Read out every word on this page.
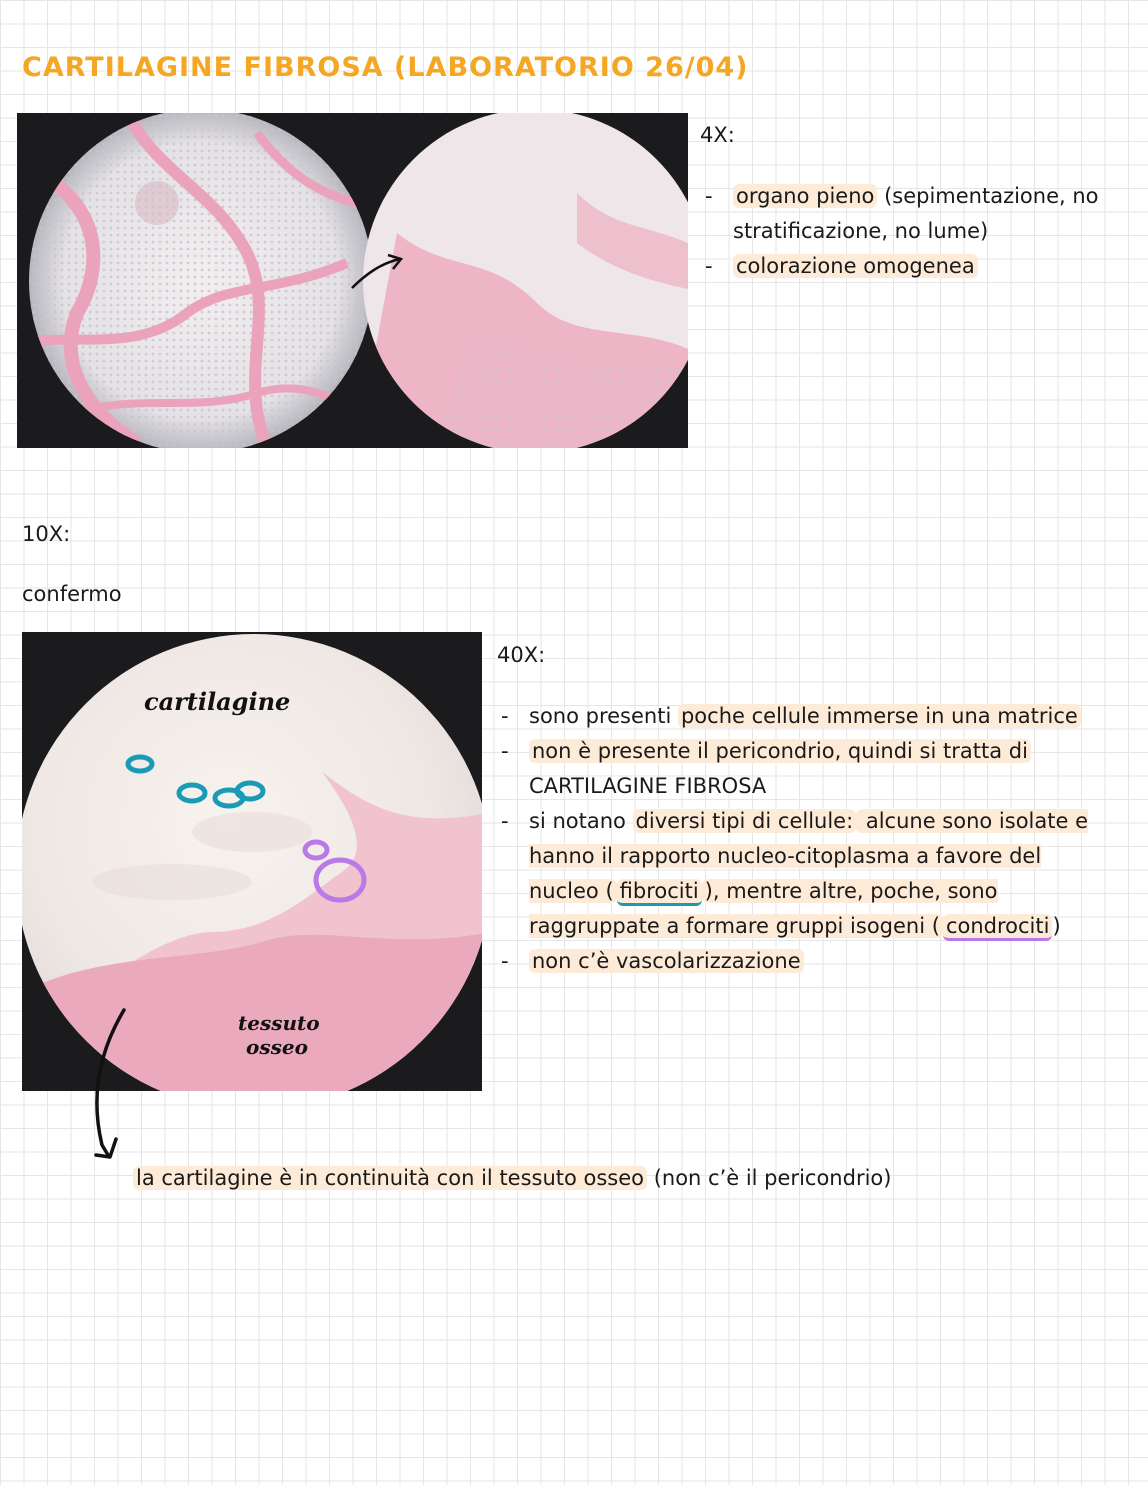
CARTILAGINE FIBROSA (LABORATORIO 26/04)
4X:
- organo pieno (sepimentazione, no stratificazione, no lume)
- colorazione omogenea
10X:
confermo
cartilagine
tessuto
osseo
40X:
- sono presenti poche cellule immerse in una matrice
- non è presente il pericondrio, quindi si tratta di
CARTILAGINE FIBROSA
- si notano diversi tipi di cellule: alcune sono isolate e hanno il rapporto nucleo-citoplasma a favore del nucleo ( fibrociti ), mentre altre, poche, sono raggruppate a formare gruppi isogeni ( condrociti )
- non c’è vascolarizzazione
la cartilagine è in continuità con il tessuto osseo (non c’è il pericondrio)
